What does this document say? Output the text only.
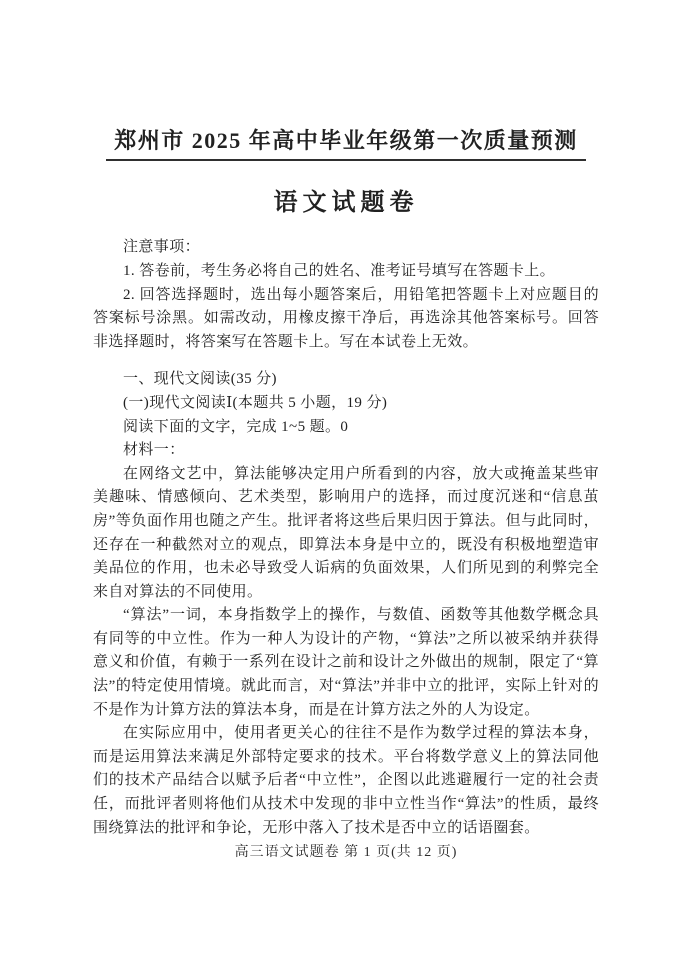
郑州市 2025 年高中毕业年级第一次质量预测
语文试题卷
注意事项：

1. 答卷前，考生务必将自己的姓名、准考证号填写在答题卡上。

2. 回答选择题时，选出每小题答案后，用铅笔把答题卡上对应题目的答案标号涂黑。如需改动，用橡皮擦干净后，再选涂其他答案标号。回答非选择题时，将答案写在答题卡上。写在本试卷上无效。

一、现代文阅读(35 分)
(一)现代文阅读Ⅰ(本题共 5 小题，19 分)
阅读下面的文字，完成 1~5 题。0
材料一：

在网络文艺中，算法能够决定用户所看到的内容，放大或掩盖某些审美趣味、情感倾向、艺术类型，影响用户的选择，而过度沉迷和“信息茧房”等负面作用也随之产生。批评者将这些后果归因于算法。但与此同时，还存在一种截然对立的观点，即算法本身是中立的，既没有积极地塑造审美品位的作用，也未必导致受人诟病的负面效果，人们所见到的利弊完全来自对算法的不同使用。

“算法”一词，本身指数学上的操作，与数值、函数等其他数学概念具有同等的中立性。作为一种人为设计的产物，“算法”之所以被采纳并获得意义和价值，有赖于一系列在设计之前和设计之外做出的规制，限定了“算法”的特定使用情境。就此而言，对“算法”并非中立的批评，实际上针对的不是作为计算方法的算法本身，而是在计算方法之外的人为设定。

在实际应用中，使用者更关心的往往不是作为数学过程的算法本身，而是运用算法来满足外部特定要求的技术。平台将数学意义上的算法同他们的技术产品结合以赋予后者“中立性”，企图以此逃避履行一定的社会责任，而批评者则将他们从技术中发现的非中立性当作“算法”的性质，最终围绕算法的批评和争论，无形中落入了技术是否中立的话语圈套。

高三语文试题卷 第 1 页(共 12 页)
